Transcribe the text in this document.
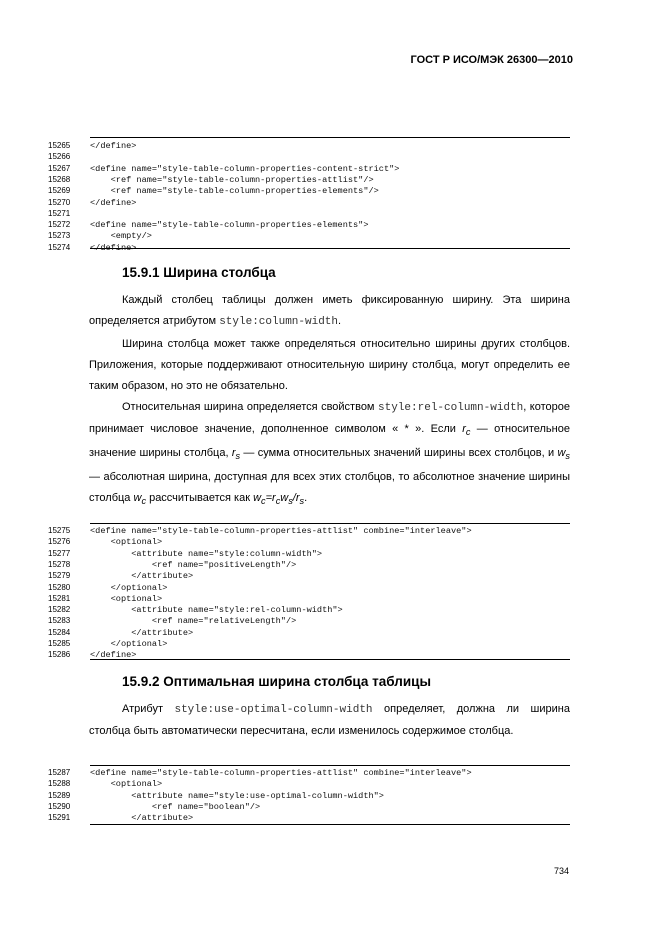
ГОСТ Р ИСО/МЭК 26300—2010
15265	</define>
15266
15267	<define name="style-table-column-properties-content-strict">
15268	<ref name="style-table-column-properties-attlist"/>
15269	<ref name="style-table-column-properties-elements"/>
15270	</define>
15271
15272	<define name="style-table-column-properties-elements">
15273	<empty/>
15274	</define>
15.9.1 Ширина столбца

Каждый столбец таблицы должен иметь фиксированную ширину. Эта ширина определяется атрибутом style:column-width.

Ширина столбца может также определяться относительно ширины других столбцов. Приложения, которые поддерживают относительную ширину столбца, могут определить ее таким образом, но это не обязательно.

Относительная ширина определяется свойством style:rel-column-width, которое принимает числовое значение, дополненное символом « * ». Если $r_c$ — относительное значение ширины столбца, $r_s$ — сумма относительных значений ширины всех столбцов, и $w_s$ — абсолютная ширина, доступная для всех этих столбцов, то абсолютное значение ширины столбца $w_c$ рассчитывается как $w_c=r_cw_s/r_s$.

15275	<define name="style-table-column-properties-attlist" combine="interleave">
15276	<optional>
15277	<attribute name="style:column-width">
15278	<ref name="positiveLength"/>
15279	</attribute>
15280	</optional>
15281	<optional>
15282	<attribute name="style:rel-column-width">
15283	<ref name="relativeLength"/>
15284	</attribute>
15285	</optional>
15286	</define>
15.9.2 Оптимальная ширина столбца таблицы

Атрибут style:use-optimal-column-width определяет, должна ли ширина столбца быть автоматически пересчитана, если изменилось содержимое столбца.

15287	<define name="style-table-column-properties-attlist" combine="interleave">
15288	<optional>
15289	<attribute name="style:use-optimal-column-width">
15290	<ref name="boolean"/>
15291	</attribute>
734
